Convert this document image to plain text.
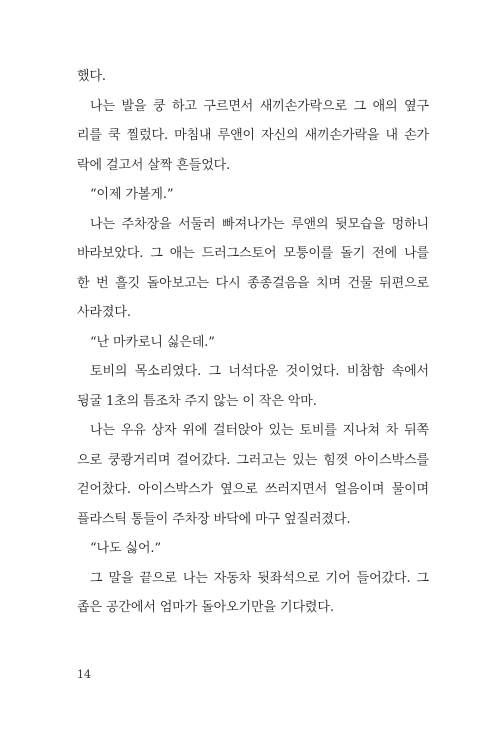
했다.
나는 발을 쿵 하고 구르면서 새끼손가락으로 그 애의 옆구
리를 쿡 찔렀다. 마침내 루앤이 자신의 새끼손가락을 내 손가
락에 걸고서 살짝 흔들었다.
“이제 가볼게.”
나는 주차장을 서둘러 빠져나가는 루앤의 뒷모습을 멍하니
바라보았다. 그 애는 드러그스토어 모퉁이를 돌기 전에 나를
한 번 흘깃 돌아보고는 다시 종종걸음을 치며 건물 뒤편으로
사라졌다.
“난 마카로니 싫은데.”
토비의 목소리였다. 그 너석다운 것이었다. 비참함 속에서
뒹굴 1초의 틈조차 주지 않는 이 작은 악마.
나는 우유 상자 위에 걸터앉아 있는 토비를 지나쳐 차 뒤쪽
으로 쿵쾅거리며 걸어갔다. 그러고는 있는 힘껏 아이스박스를
걷어찼다. 아이스박스가 옆으로 쓰러지면서 얼음이며 물이며
플라스틱 통들이 주차장 바닥에 마구 엎질러졌다.
“나도 싫어.”
그 말을 끝으로 나는 자동차 뒷좌석으로 기어 들어갔다. 그
좁은 공간에서 엄마가 돌아오기만을 기다렸다.
14
